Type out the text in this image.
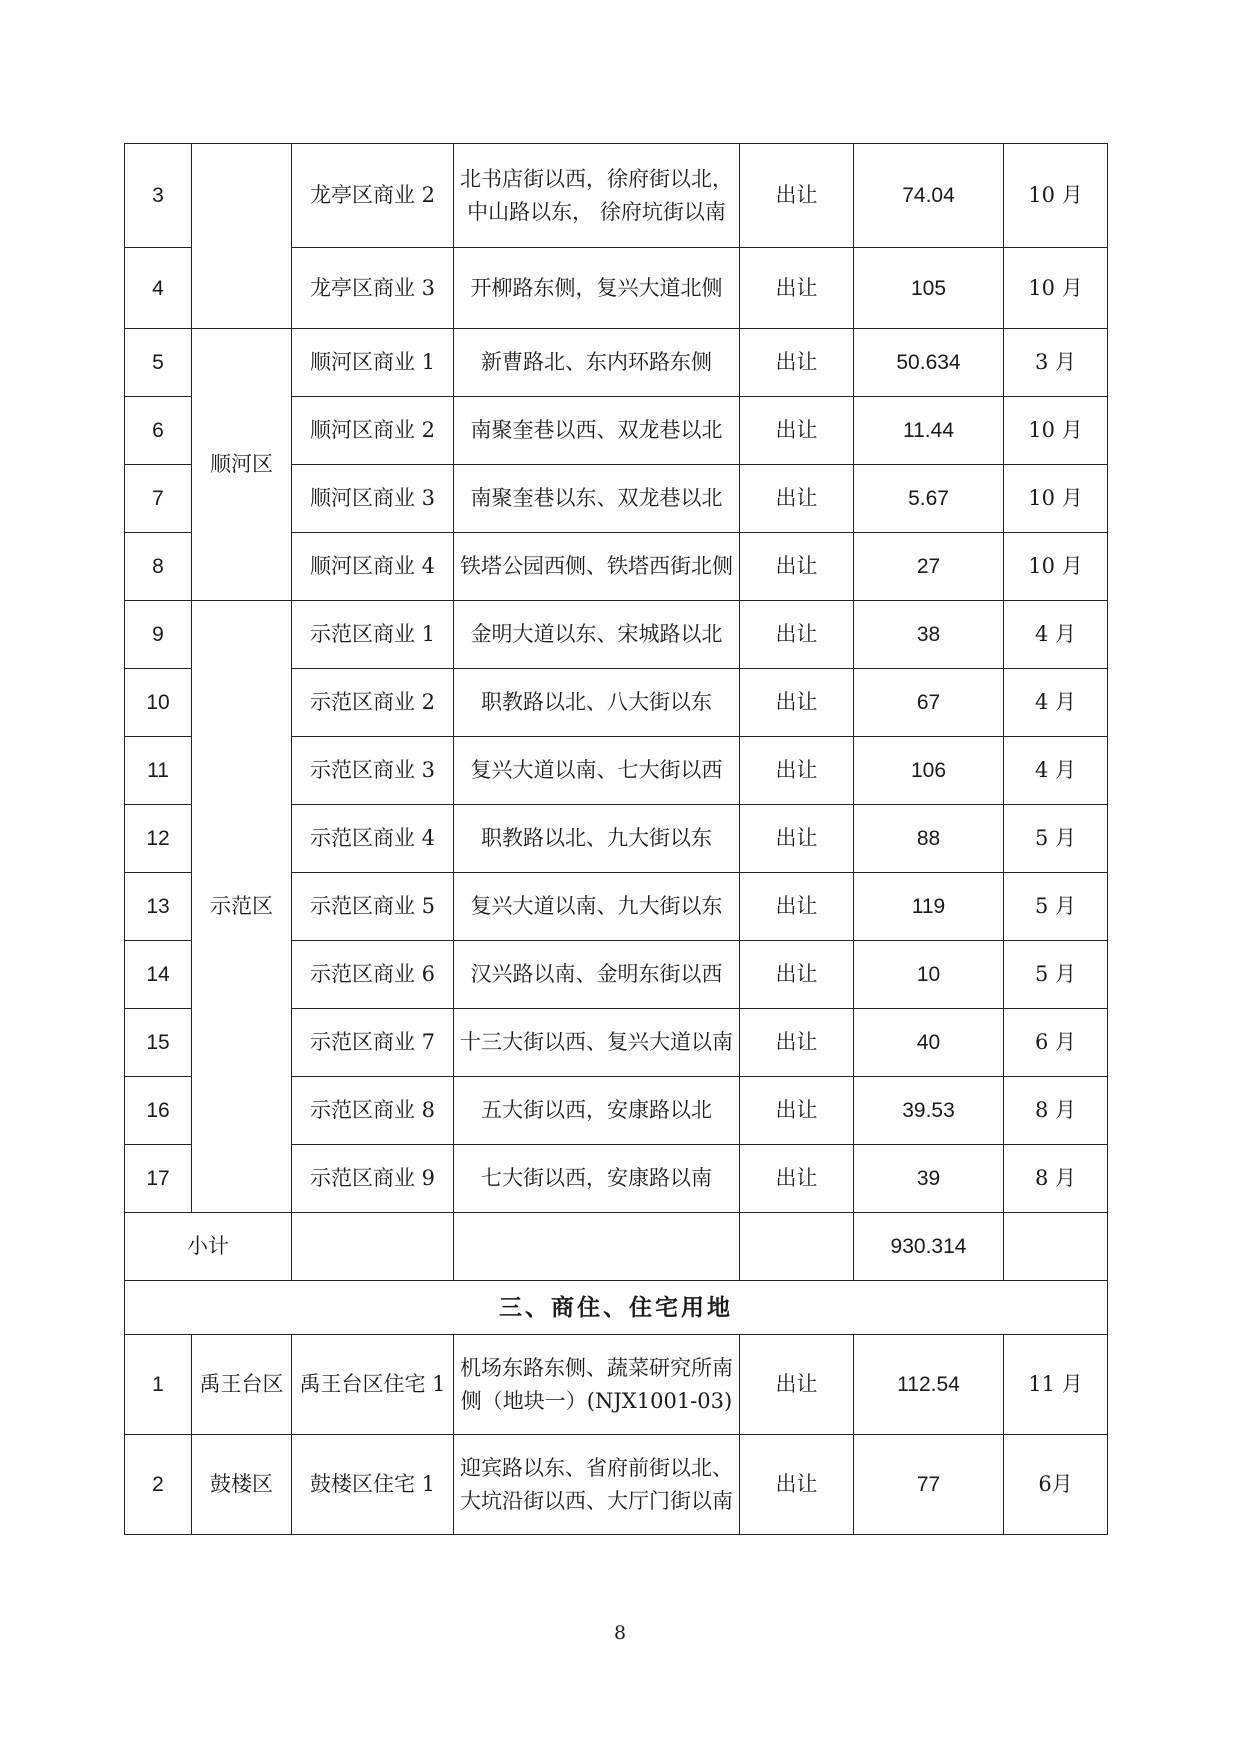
3		龙亭区商业 2	北书店街以西，徐府街以北， 中山路以东， 徐府坑街以南	出让	74.04	10 月
4		龙亭区商业 3	开柳路东侧，复兴大道北侧	出让	105	10 月
5	顺河区	顺河区商业 1	新曹路北、东内环路东侧	出让	50.634	3 月
6		顺河区商业 2	南聚奎巷以西、双龙巷以北	出让	11.44	10 月
7		顺河区商业 3	南聚奎巷以东、双龙巷以北	出让	5.67	10 月
8		顺河区商业 4	铁塔公园西侧、铁塔西街北侧	出让	27	10 月
9	示范区	示范区商业 1	金明大道以东、宋城路以北	出让	38	4 月
10		示范区商业 2	职教路以北、八大街以东	出让	67	4 月
11		示范区商业 3	复兴大道以南、七大街以西	出让	106	4 月
12		示范区商业 4	职教路以北、九大街以东	出让	88	5 月
13		示范区商业 5	复兴大道以南、九大街以东	出让	119	5 月
14		示范区商业 6	汉兴路以南、金明东街以西	出让	10	5 月
15		示范区商业 7	十三大街以西、复兴大道以南	出让	40	6 月
16		示范区商业 8	五大街以西，安康路以北	出让	39.53	8 月
17		示范区商业 9	七大街以西，安康路以南	出让	39	8 月
小计					930.314	
三、商住、住宅用地						
1	禹王台区	禹王台区住宅 1	机场东路东侧、蔬菜研究所南侧（地块一）(NJX1001-03)	出让	112.54	11 月
2	鼓楼区	鼓楼区住宅 1	迎宾路以东、省府前街以北、大坑沿街以西、大厅门街以南	出让	77	6月
8
